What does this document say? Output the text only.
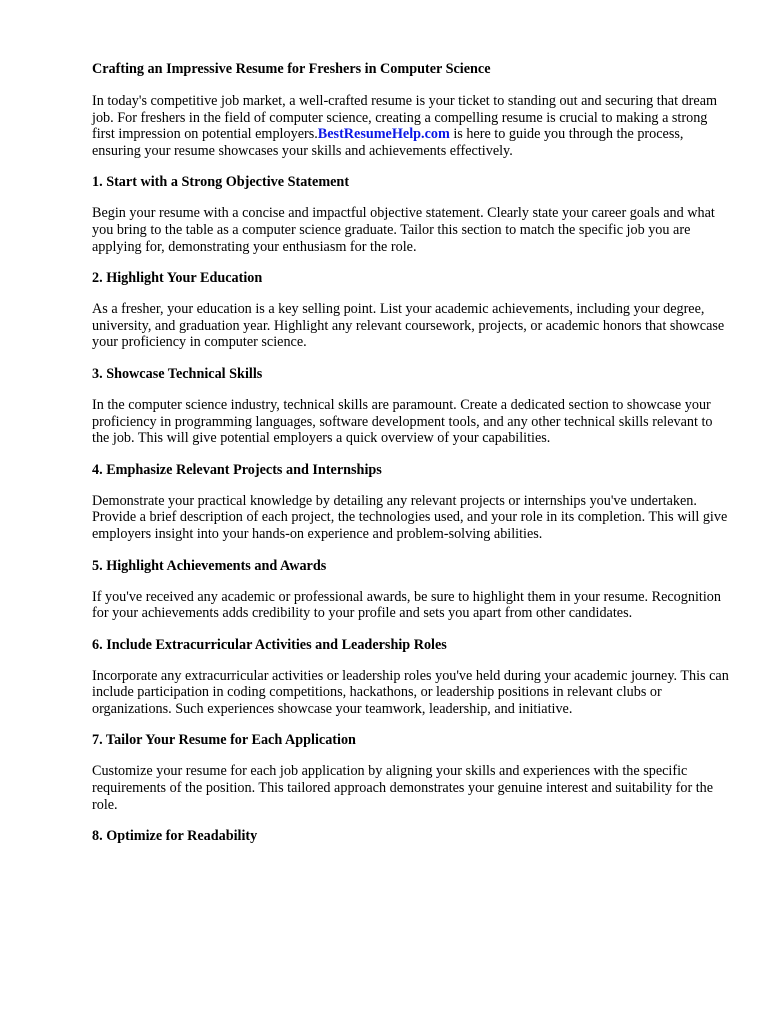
Crafting an Impressive Resume for Freshers in Computer Science

In today's competitive job market, a well-crafted resume is your ticket to standing out and securing that dream job. For freshers in the field of computer science, creating a compelling resume is crucial to making a strong first impression on potential employers.BestResumeHelp.com is here to guide you through the process, ensuring your resume showcases your skills and achievements effectively.

1. Start with a Strong Objective Statement

Begin your resume with a concise and impactful objective statement. Clearly state your career goals and what you bring to the table as a computer science graduate. Tailor this section to match the specific job you are applying for, demonstrating your enthusiasm for the role.

2. Highlight Your Education

As a fresher, your education is a key selling point. List your academic achievements, including your degree, university, and graduation year. Highlight any relevant coursework, projects, or academic honors that showcase your proficiency in computer science.

3. Showcase Technical Skills

In the computer science industry, technical skills are paramount. Create a dedicated section to showcase your proficiency in programming languages, software development tools, and any other technical skills relevant to the job. This will give potential employers a quick overview of your capabilities.

4. Emphasize Relevant Projects and Internships

Demonstrate your practical knowledge by detailing any relevant projects or internships you've undertaken. Provide a brief description of each project, the technologies used, and your role in its completion. This will give employers insight into your hands-on experience and problem-solving abilities.

5. Highlight Achievements and Awards

If you've received any academic or professional awards, be sure to highlight them in your resume. Recognition for your achievements adds credibility to your profile and sets you apart from other candidates.

6. Include Extracurricular Activities and Leadership Roles

Incorporate any extracurricular activities or leadership roles you've held during your academic journey. This can include participation in coding competitions, hackathons, or leadership positions in relevant clubs or organizations. Such experiences showcase your teamwork, leadership, and initiative.

7. Tailor Your Resume for Each Application

Customize your resume for each job application by aligning your skills and experiences with the specific requirements of the position. This tailored approach demonstrates your genuine interest and suitability for the role.

8. Optimize for Readability
